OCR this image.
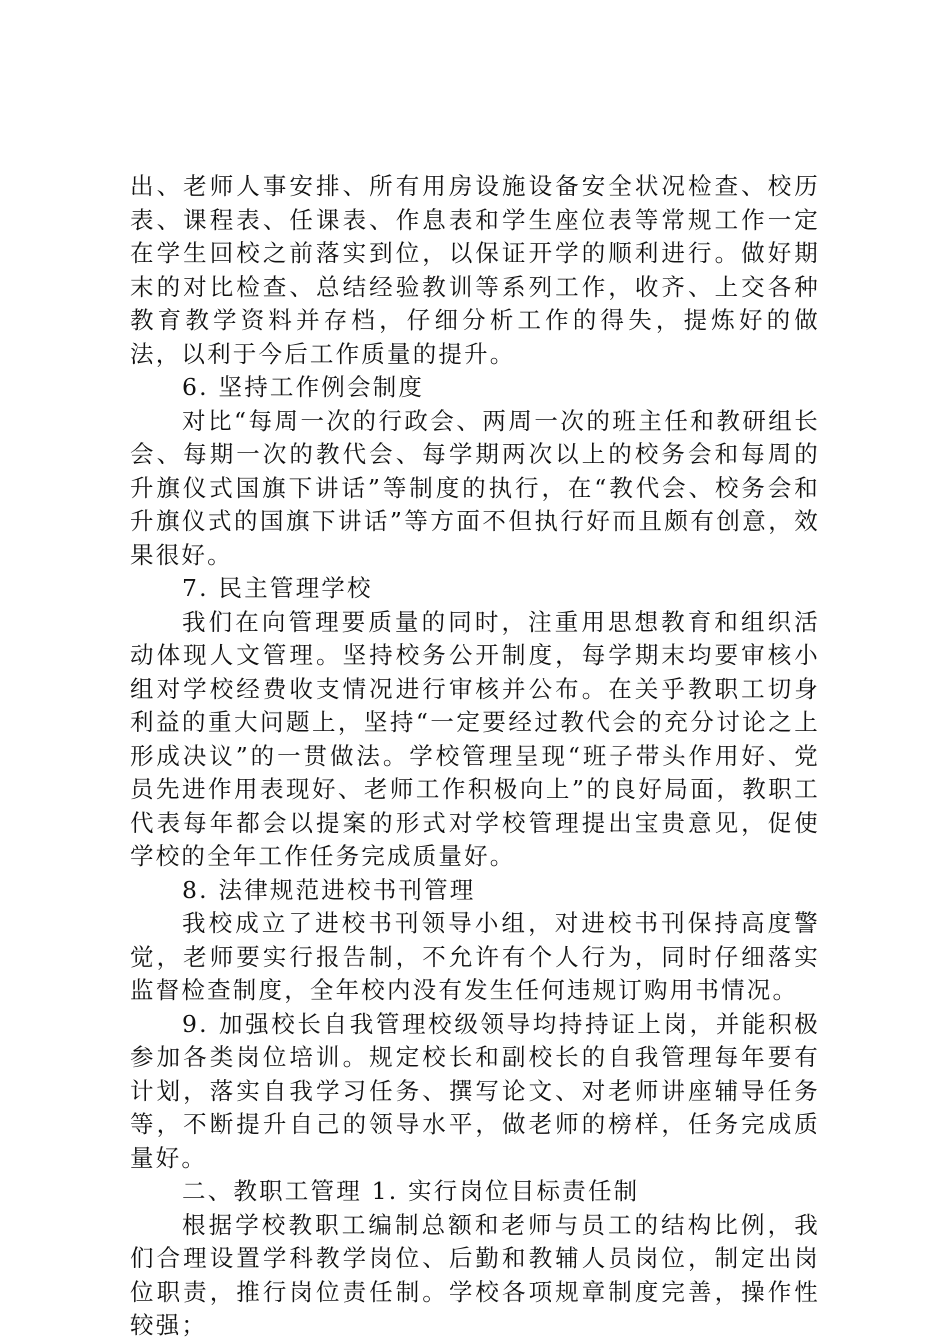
出、老师人事安排、所有用房设施设备安全状况检查、校历表、课程表、任课表、作息表和学生座位表等常规工作一定在学生回校之前落实到位，以保证开学的顺利进行。做好期末的对比检查、总结经验教训等系列工作，收齐、上交各种教育教学资料并存档，仔细分析工作的得失，提炼好的做法，以利于今后工作质量的提升。

6. 坚持工作例会制度

对比“每周一次的行政会、两周一次的班主任和教研组长会、每期一次的教代会、每学期两次以上的校务会和每周的升旗仪式国旗下讲话”等制度的执行，在“教代会、校务会和升旗仪式的国旗下讲话”等方面不但执行好而且颇有创意，效果很好。

7. 民主管理学校

我们在向管理要质量的同时，注重用思想教育和组织活动体现人文管理。坚持校务公开制度，每学期末均要审核小组对学校经费收支情况进行审核并公布。在关乎教职工切身利益的重大问题上，坚持“一定要经过教代会的充分讨论之上形成决议”的一贯做法。学校管理呈现“班子带头作用好、党员先进作用表现好、老师工作积极向上”的良好局面，教职工代表每年都会以提案的形式对学校管理提出宝贵意见，促使学校的全年工作任务完成质量好。

8. 法律规范进校书刊管理

我校成立了进校书刊领导小组，对进校书刊保持高度警觉，老师要实行报告制，不允许有个人行为，同时仔细落实监督检查制度，全年校内没有发生任何违规订购用书情况。

9. 加强校长自我管理校级领导均持持证上岗，并能积极参加各类岗位培训。规定校长和副校长的自我管理每年要有计划，落实自我学习任务、撰写论文、对老师讲座辅导任务等，不断提升自己的领导水平，做老师的榜样，任务完成质量好。

二、教职工管理 1. 实行岗位目标责任制

根据学校教职工编制总额和老师与员工的结构比例，我们合理设置学科教学岗位、后勤和教辅人员岗位，制定出岗位职责，推行岗位责任制。学校各项规章制度完善，操作性较强；
